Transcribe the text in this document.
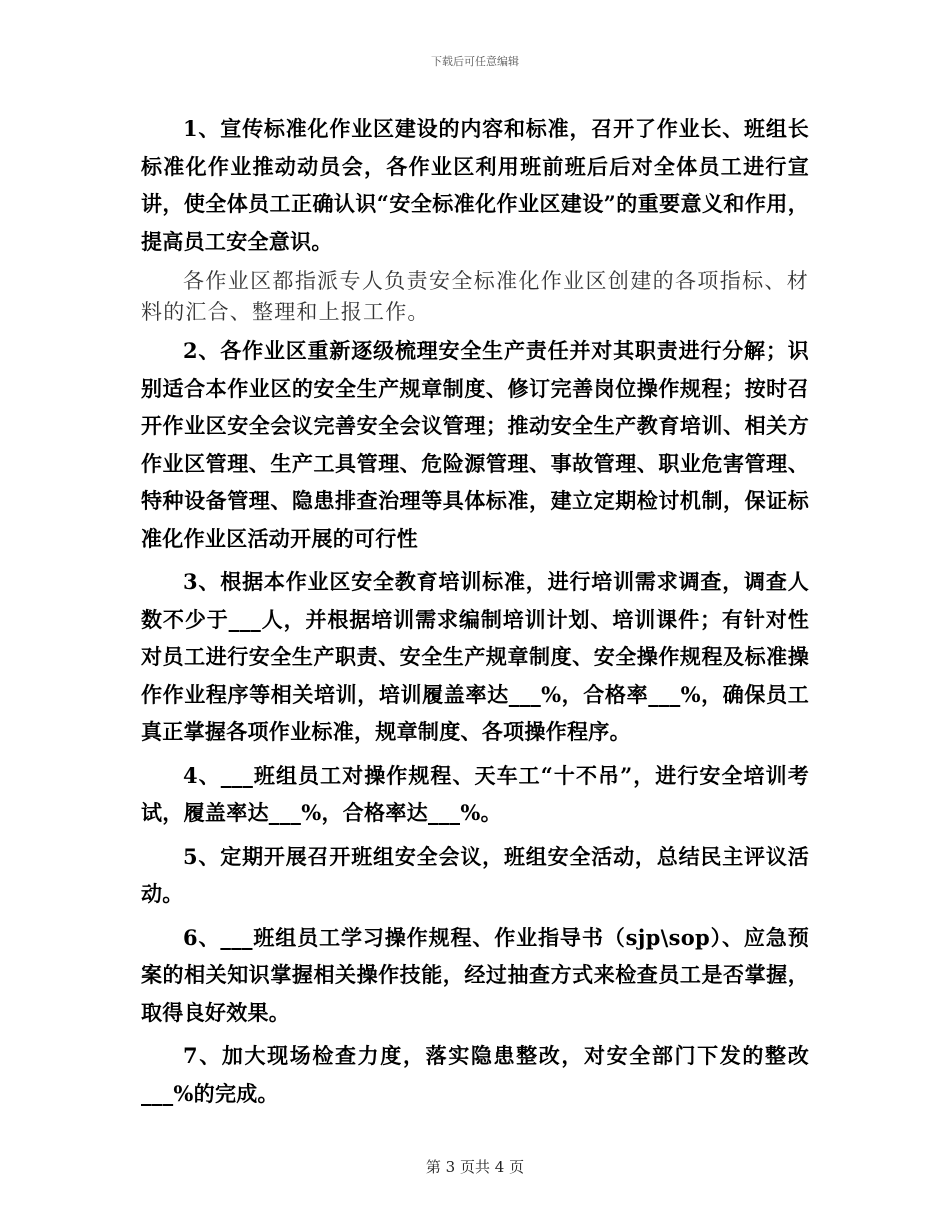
下载后可任意编辑

1、宣传标准化作业区建设的内容和标准，召开了作业长、班组长标准化作业推动动员会，各作业区利用班前班后后对全体员工进行宣讲，使全体员工正确认识“安全标准化作业区建设”的重要意义和作用，提高员工安全意识。

各作业区都指派专人负责安全标准化作业区创建的各项指标、材料的汇合、整理和上报工作。

2、各作业区重新逐级梳理安全生产责任并对其职责进行分解；识别适合本作业区的安全生产规章制度、修订完善岗位操作规程；按时召开作业区安全会议完善安全会议管理；推动安全生产教育培训、相关方作业区管理、生产工具管理、危险源管理、事故管理、职业危害管理、特种设备管理、隐患排查治理等具体标准，建立定期检讨机制，保证标准化作业区活动开展的可行性

3、根据本作业区安全教育培训标准，进行培训需求调查，调查人数不少于___人，并根据培训需求编制培训计划、培训课件；有针对性对员工进行安全生产职责、安全生产规章制度、安全操作规程及标准操作作业程序等相关培训，培训履盖率达___%，合格率___%，确保员工真正掌握各项作业标准，规章制度、各项操作程序。

4、___班组员工对操作规程、天车工“十不吊”，进行安全培训考试，履盖率达___%，合格率达___%。

5、定期开展召开班组安全会议，班组安全活动，总结民主评议活动。

6、___班组员工学习操作规程、作业指导书（sjp\sop）、应急预案的相关知识掌握相关操作技能，经过抽查方式来检查员工是否掌握，取得良好效果。

7、加大现场检查力度，落实隐患整改，对安全部门下发的整改___%的完成。

第 3 页共 4 页
